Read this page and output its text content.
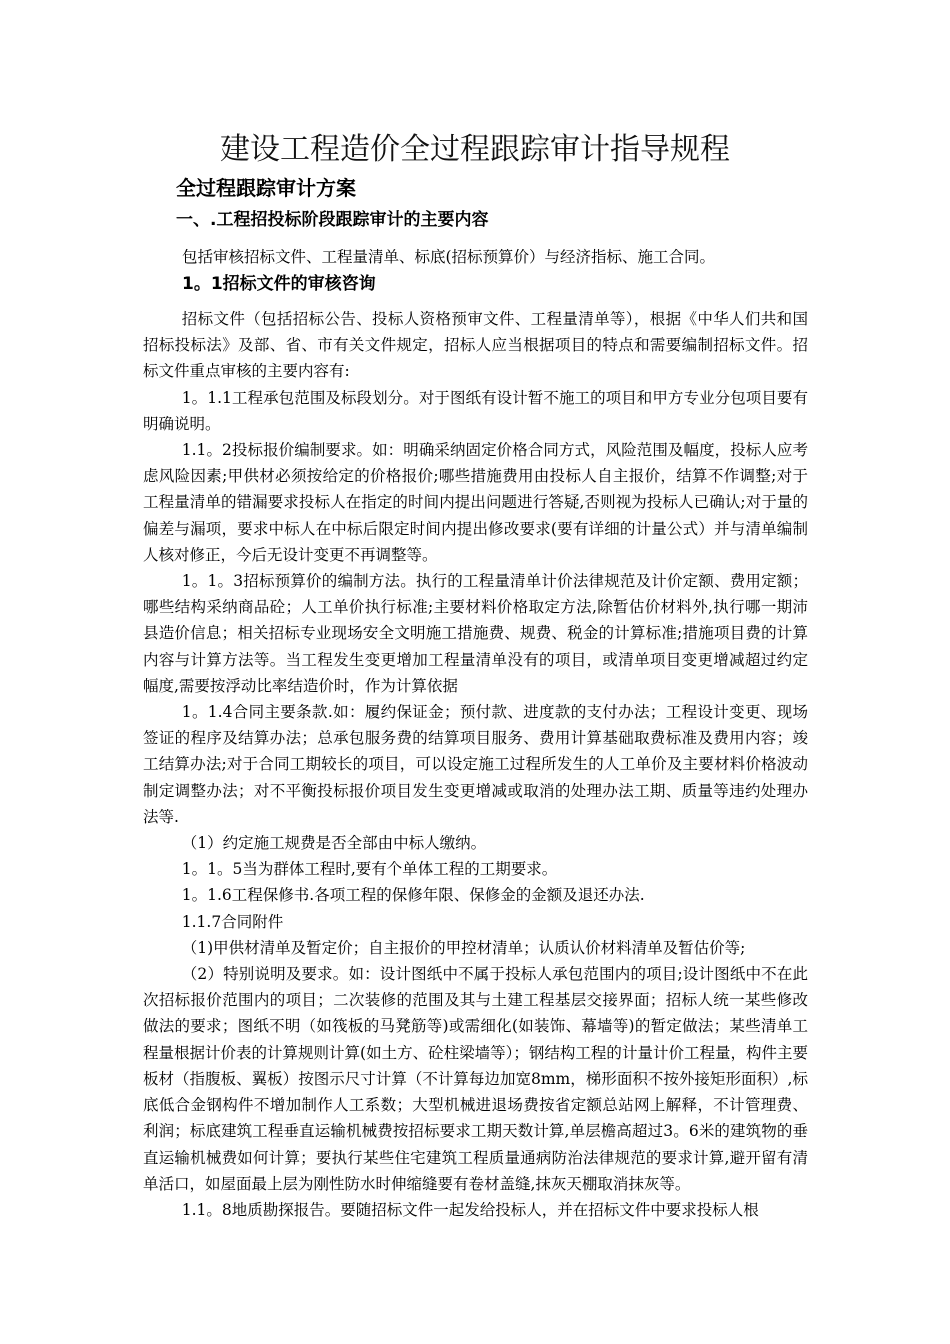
建设工程造价全过程跟踪审计指导规程
全过程跟踪审计方案
一、.工程招投标阶段跟踪审计的主要内容
包括审核招标文件、工程量清单、标底(招标预算价）与经济指标、施工合同。
1。1招标文件的审核咨询

招标文件（包括招标公告、投标人资格预审文件、工程量清单等），根据《中华人们共和国招标投标法》及部、省、市有关文件规定，招标人应当根据项目的特点和需要编制招标文件。招标文件重点审核的主要内容有:

1。1.1工程承包范围及标段划分。对于图纸有设计暂不施工的项目和甲方专业分包项目要有明确说明。

1.1。2投标报价编制要求。如：明确采纳固定价格合同方式，风险范围及幅度，投标人应考虑风险因素;甲供材必须按给定的价格报价;哪些措施费用由投标人自主报价，结算不作调整;对于工程量清单的错漏要求投标人在指定的时间内提出问题进行答疑,否则视为投标人已确认;对于量的偏差与漏项，要求中标人在中标后限定时间内提出修改要求(要有详细的计量公式）并与清单编制人核对修正，今后无设计变更不再调整等。

1。1。3招标预算价的编制方法。执行的工程量清单计价法律规范及计价定额、费用定额；哪些结构采纳商品砼；人工单价执行标准;主要材料价格取定方法,除暂估价材料外,执行哪一期沛县造价信息；相关招标专业现场安全文明施工措施费、规费、税金的计算标准;措施项目费的计算内容与计算方法等。当工程发生变更增加工程量清单没有的项目，或清单项目变更增减超过约定幅度,需要按浮动比率结造价时，作为计算依据

1。1.4合同主要条款.如：履约保证金；预付款、进度款的支付办法；工程设计变更、现场签证的程序及结算办法；总承包服务费的结算项目服务、费用计算基础取费标准及费用内容；竣工结算办法;对于合同工期较长的项目，可以设定施工过程所发生的人工单价及主要材料价格波动制定调整办法；对不平衡投标报价项目发生变更增减或取消的处理办法工期、质量等违约处理办法等.

（1）约定施工规费是否全部由中标人缴纳。

1。1。5当为群体工程时,要有个单体工程的工期要求。

1。1.6工程保修书.各项工程的保修年限、保修金的金额及退还办法.

1.1.7合同附件

（1)甲供材清单及暂定价；自主报价的甲控材清单；认质认价材料清单及暂估价等;

（2）特别说明及要求。如：设计图纸中不属于投标人承包范围内的项目;设计图纸中不在此次招标报价范围内的项目；二次装修的范围及其与土建工程基层交接界面；招标人统一某些修改做法的要求；图纸不明（如筏板的马凳筋等)或需细化(如装饰、幕墙等)的暂定做法；某些清单工程量根据计价表的计算规则计算(如土方、砼柱梁墙等）；钢结构工程的计量计价工程量，构件主要板材（指腹板、翼板）按图示尺寸计算（不计算每边加宽8mm，梯形面积不按外接矩形面积）,标底低合金钢构件不增加制作人工系数；大型机械进退场费按省定额总站网上解释，不计管理费、利润；标底建筑工程垂直运输机械费按招标要求工期天数计算,单层檐高超过3。6米的建筑物的垂直运输机械费如何计算；要执行某些住宅建筑工程质量通病防治法律规范的要求计算,避开留有清单活口，如屋面最上层为刚性防水时伸缩缝要有卷材盖缝,抹灰天棚取消抹灰等。

1.1。8地质勘探报告。要随招标文件一起发给投标人，并在招标文件中要求投标人根
